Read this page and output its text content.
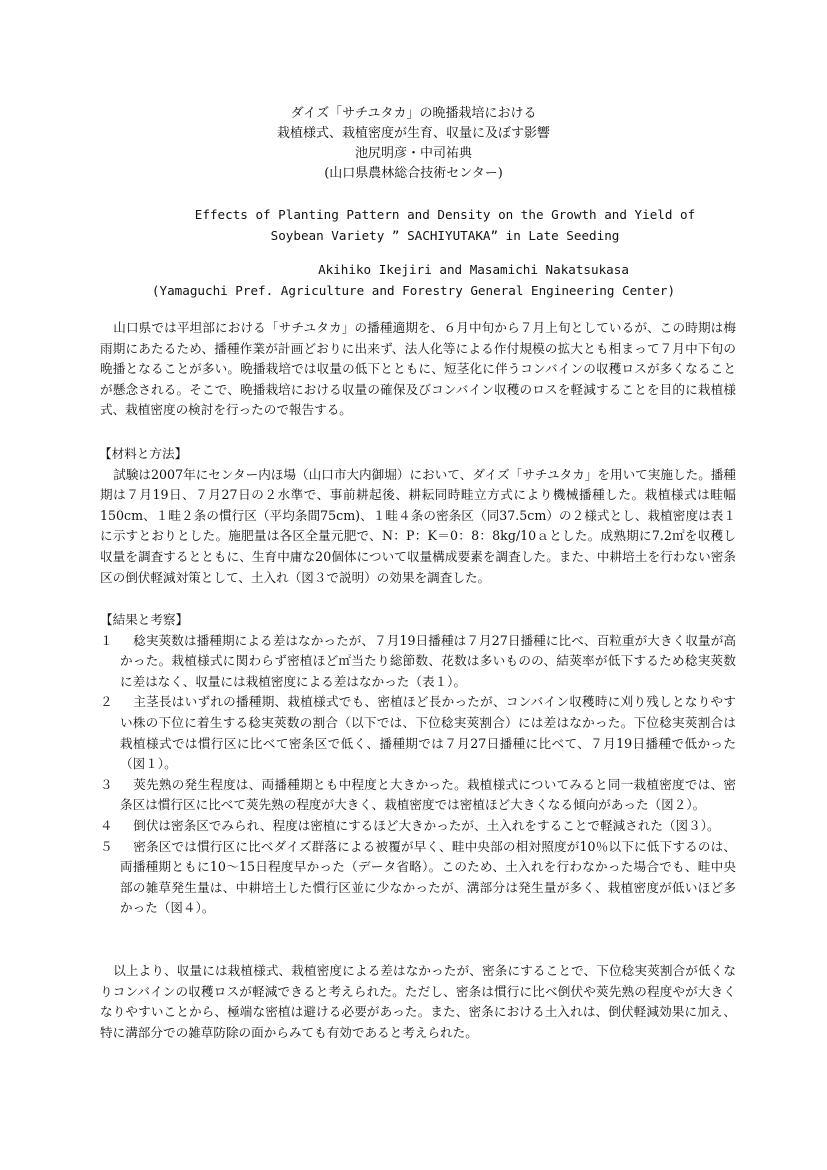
ダイズ「サチユタカ」の晩播栽培における
栽植様式、栽植密度が生育、収量に及ぼす影響
池尻明彦・中司祐典
(山口県農林総合技術センター)
Effects of Planting Pattern and Density on the Growth and Yield of
Soybean Variety ” SACHIYUTAKA” in Late Seeding
Akihiko Ikejiri and Masamichi Nakatsukasa
(Yamaguchi Pref. Agriculture and Forestry General Engineering Center)

山口県では平坦部における「サチユタカ」の播種適期を、６月中旬から７月上旬としているが、この時期は梅雨期にあたるため、播種作業が計画どおりに出来ず、法人化等による作付規模の拡大とも相まって７月中下旬の晩播となることが多い。晩播栽培では収量の低下とともに、短茎化に伴うコンバインの収穫ロスが多くなることが懸念される。そこで、晩播栽培における収量の確保及びコンバイン収穫のロスを軽減することを目的に栽植様式、栽植密度の検討を行ったので報告する。

【材料と方法】

試験は2007年にセンター内ほ場（山口市大内御堀）において、ダイズ「サチユタカ」を用いて実施した。播種期は７月19日、７月27日の２水準で、事前耕起後、耕耘同時畦立方式により機械播種した。栽植様式は畦幅150cm、１畦２条の慣行区（平均条間75cm)、１畦４条の密条区（同37.5cm）の２様式とし、栽植密度は表１に示すとおりとした。施肥量は各区全量元肥で、N：P：K＝0：8：8kg/10ａとした。成熟期に7.2㎡を収穫し収量を調査するとともに、生育中庸な20個体について収量構成要素を調査した。また、中耕培土を行わない密条区の倒伏軽減対策として、土入れ（図３で説明）の効果を調査した。

【結果と考察】
１	稔実莢数は播種期による差はなかったが、７月19日播種は７月27日播種に比べ、百粒重が大きく収量が高かった。栽植様式に関わらず密植ほど㎡当たり総節数、花数は多いものの、結莢率が低下するため稔実莢数に差はなく、収量には栽植密度による差はなかった（表１）。
２	主茎長はいずれの播種期、栽植様式でも、密植ほど長かったが、コンバイン収穫時に刈り残しとなりやすい株の下位に着生する稔実莢数の割合（以下では、下位稔実莢割合）には差はなかった。下位稔実莢割合は栽植様式では慣行区に比べて密条区で低く、播種期では７月27日播種に比べて、７月19日播種で低かった（図１）。
３	莢先熟の発生程度は、両播種期とも中程度と大きかった。栽植様式についてみると同一栽植密度では、密条区は慣行区に比べて莢先熟の程度が大きく、栽植密度では密植ほど大きくなる傾向があった（図２）。
４	倒伏は密条区でみられ、程度は密植にするほど大きかったが、土入れをすることで軽減された（図３）。
５	密条区では慣行区に比べダイズ群落による被覆が早く、畦中央部の相対照度が10％以下に低下するのは、両播種期ともに10～15日程度早かった（データ省略）。このため、土入れを行わなかった場合でも、畦中央部の雑草発生量は、中耕培土した慣行区並に少なかったが、溝部分は発生量が多く、栽植密度が低いほど多かった（図４）。

以上より、収量には栽植様式、栽植密度による差はなかったが、密条にすることで、下位稔実莢割合が低くなりコンバインの収穫ロスが軽減できると考えられた。ただし、密条は慣行に比べ倒伏や莢先熟の程度やが大きくなりやすいことから、極端な密植は避ける必要があった。また、密条における土入れは、倒伏軽減効果に加え、特に溝部分での雑草防除の面からみても有効であると考えられた。
